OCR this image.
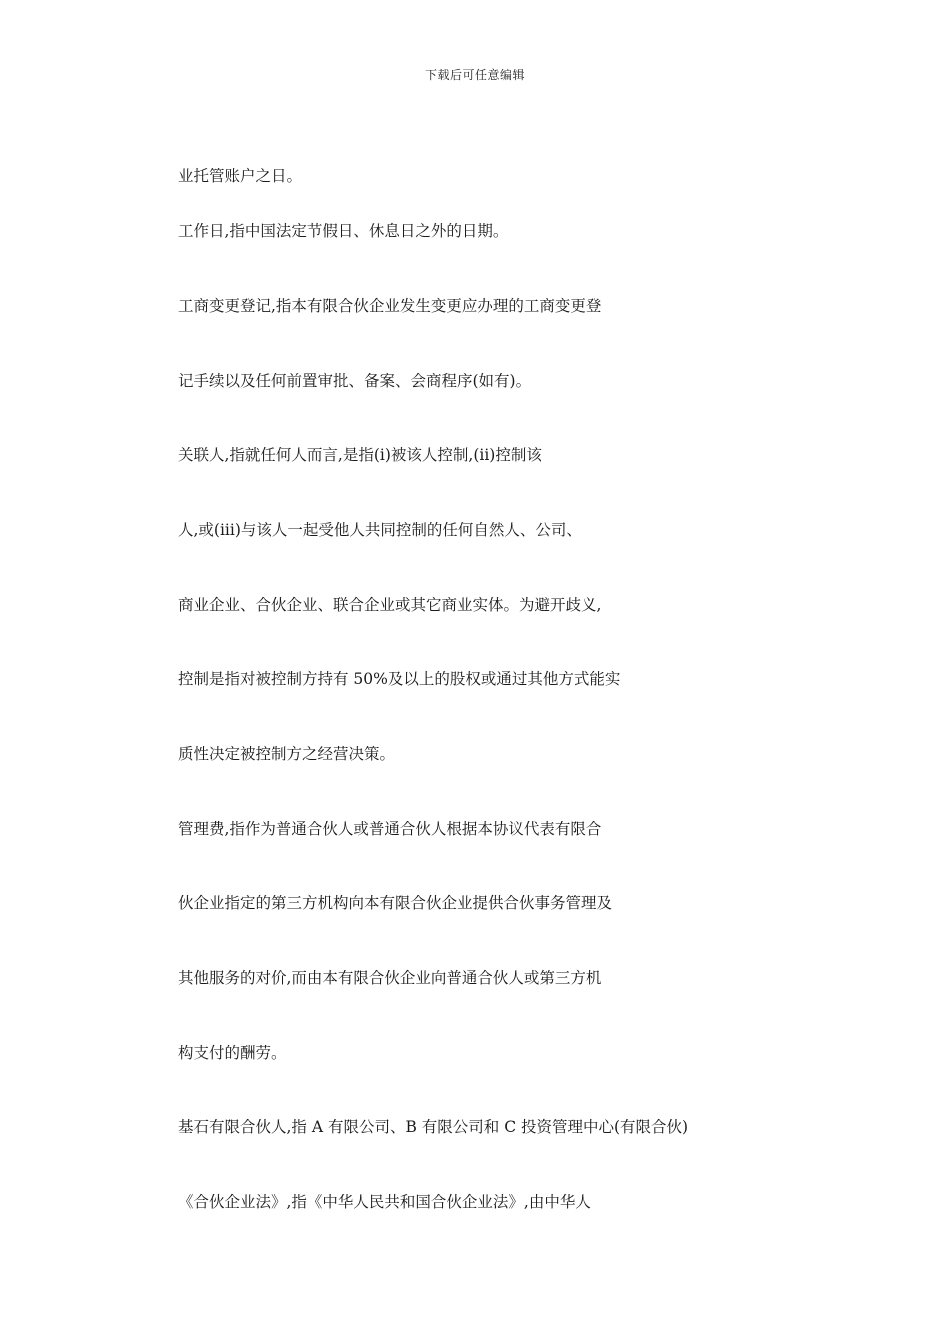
下载后可任意编辑
业托管账户之日。
工作日,指中国法定节假日、休息日之外的日期。
工商变更登记,指本有限合伙企业发生变更应办理的工商变更登
记手续以及任何前置审批、备案、会商程序(如有)。
关联人,指就任何人而言,是指(i)被该人控制,(ii)控制该
人,或(iii)与该人一起受他人共同控制的任何自然人、公司、
商业企业、合伙企业、联合企业或其它商业实体。为避开歧义,
控制是指对被控制方持有 50%及以上的股权或通过其他方式能实
质性决定被控制方之经营决策。
管理费,指作为普通合伙人或普通合伙人根据本协议代表有限合
伙企业指定的第三方机构向本有限合伙企业提供合伙事务管理及
其他服务的对价,而由本有限合伙企业向普通合伙人或第三方机
构支付的酬劳。
基石有限合伙人,指 A 有限公司、B 有限公司和 C 投资管理中心(有限合伙)
《合伙企业法》,指《中华人民共和国合伙企业法》,由中华人
